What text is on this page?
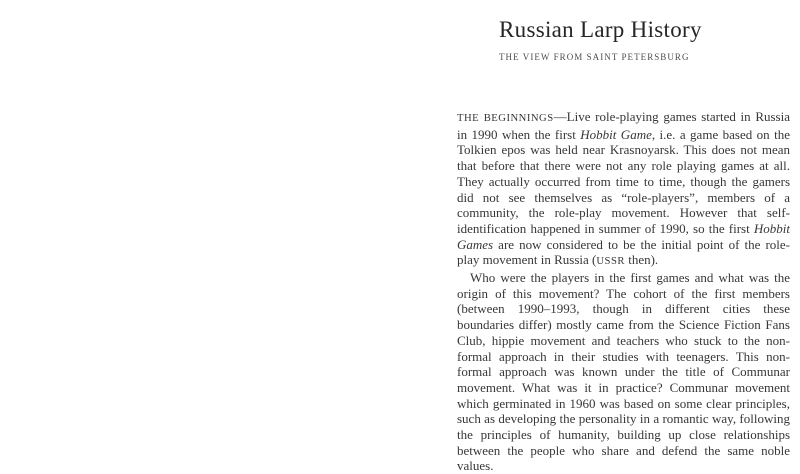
Russian Larp History
THE VIEW FROM SAINT PETERSBURG

THE BEGINNINGS—Live role-playing games started in Russia in 1990 when the first Hobbit Game, i.e. a game based on the Tolkien epos was held near Krasnoyarsk. This does not mean that before that there were not any role playing games at all. They actually occurred from time to time, though the gamers did not see themselves as “role-players”, members of a community, the role-play movement. However that self-identification happened in summer of 1990, so the first Hobbit Games are now considered to be the initial point of the role-play movement in Russia (USSR then).

Who were the players in the first games and what was the origin of this movement? The cohort of the first members (between 1990–1993, though in different cities these boundaries differ) mostly came from the Science Fiction Fans Club, hippie movement and teachers who stuck to the non-formal approach in their studies with teenagers. This non-formal approach was known under the title of Communar movement. What was it in practice? Communar movement which germinated in 1960 was based on some clear principles, such as developing the personality in a romantic way, following the principles of humanity, building up close relationships between the people who share and defend the same noble values.
